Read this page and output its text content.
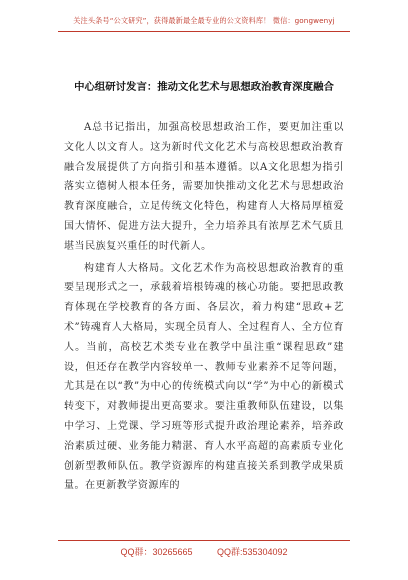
关注头条号“公文研究”，获得最新最全最专业的公文资料库！ 微信：gongwenyj
中心组研讨发言：推动文化艺术与思想政治教育深度融合

A总书记指出，加强高校思想政治工作，要更加注重以文化人以文育人。这为新时代文化艺术与高校思想政治教育融合发展提供了方向指引和基本遵循。以A文化思想为指引落实立德树人根本任务，需要加快推动文化艺术与思想政治教育深度融合，立足传统文化特色，构建育人大格局厚植爱国大情怀、促进方法大提升，全力培养具有浓厚艺术气质且堪当民族复兴重任的时代新人。

构建育人大格局。文化艺术作为高校思想政治教育的重要呈现形式之一，承载着培根铸魂的核心功能。要把思政教育体现在学校教育的各方面、各层次，着力构建“思政+艺术”铸魂育人大格局，实现全员育人、全过程育人、全方位育人。当前，高校艺术类专业在教学中虽注重“课程思政”建设，但还存在教学内容较单一、教师专业素养不足等问题，尤其是在以“教”为中心的传统模式向以“学”为中心的新模式转变下，对教师提出更高要求。要注重教师队伍建设，以集中学习、上党课、学习班等形式提升政治理论素养，培养政治素质过硬、业务能力精湛、育人水平高超的高素质专业化创新型教师队伍。教学资源库的构建直接关系到教学成果质量。在更新教学资源库的

QQ群：30265665	QQ群:535304092
